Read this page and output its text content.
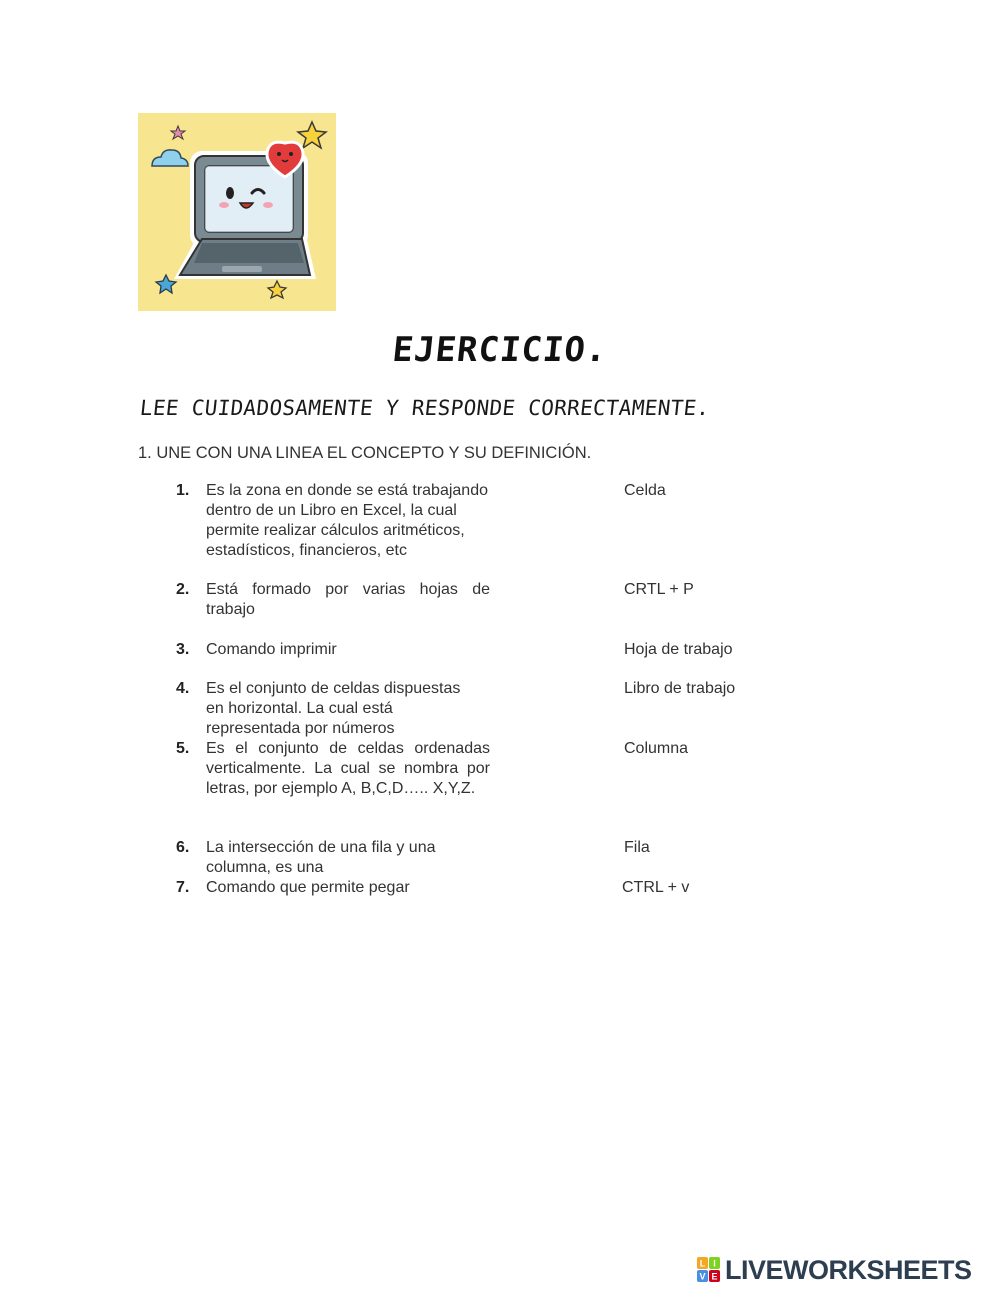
EJERCICIO.
LEE CUIDADOSAMENTE Y RESPONDE CORRECTAMENTE.
1. UNE CON UNA LINEA EL CONCEPTO Y SU DEFINICIÓN.
1. Es la zona en donde se está trabajando dentro de un Libro en Excel, la cual permite realizar cálculos aritméticos, estadísticos, financieros, etc
Celda
2. Está formado por varias hojas de trabajo
CRTL + P
3. Comando imprimir	Hoja de trabajo
4. Es el conjunto de celdas dispuestas en horizontal. La cual está representada por números
Libro de trabajo
5. Es el conjunto de celdas ordenadas verticalmente. La cual se nombra por letras, por ejemplo A, B,C,D….. X,Y,Z.
Columna
6. La intersección de una fila y una columna, es una
Fila
7. Comando que permite pegar	CTRL + v
L I
V E LIVEWORKSHEETS
